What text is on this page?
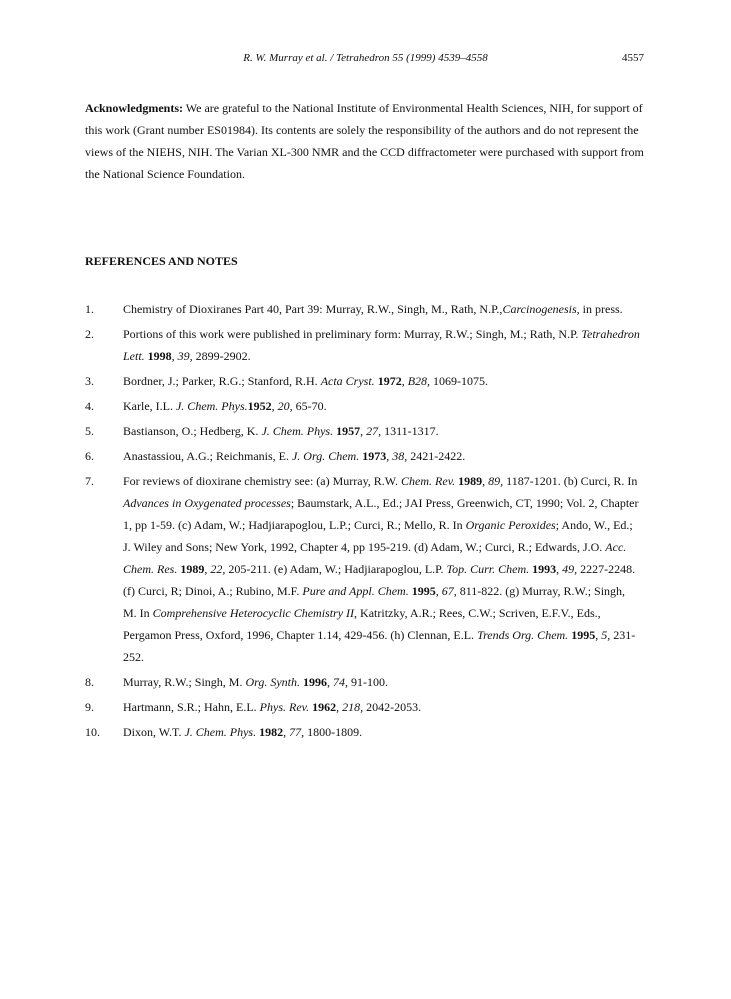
R. W. Murray et al. / Tetrahedron 55 (1999) 4539–4558	4557

Acknowledgments: We are grateful to the National Institute of Environmental Health Sciences, NIH, for support of this work (Grant number ES01984). Its contents are solely the responsibility of the authors and do not represent the views of the NIEHS, NIH. The Varian XL-300 NMR and the CCD diffractometer were purchased with support from the National Science Foundation.

REFERENCES AND NOTES
1.	Chemistry of Dioxiranes Part 40, Part 39: Murray, R.W., Singh, M., Rath, N.P.,Carcinogenesis, in press.
2.	Portions of this work were published in preliminary form: Murray, R.W.; Singh, M.; Rath, N.P. Tetrahedron Lett. 1998, 39, 2899-2902.
3.	Bordner, J.; Parker, R.G.; Stanford, R.H. Acta Cryst. 1972, B28, 1069-1075.
4.	Karle, I.L. J. Chem. Phys.1952, 20, 65-70.
5.	Bastianson, O.; Hedberg, K. J. Chem. Phys. 1957, 27, 1311-1317.
6.	Anastassiou, A.G.; Reichmanis, E. J. Org. Chem. 1973, 38, 2421-2422.
7.	For reviews of dioxirane chemistry see: (a) Murray, R.W. Chem. Rev. 1989, 89, 1187-1201. (b) Curci, R. In Advances in Oxygenated processes; Baumstark, A.L., Ed.; JAI Press, Greenwich, CT, 1990; Vol. 2, Chapter 1, pp 1-59. (c) Adam, W.; Hadjiarapoglou, L.P.; Curci, R.; Mello, R. In Organic Peroxides; Ando, W., Ed.; J. Wiley and Sons; New York, 1992, Chapter 4, pp 195-219. (d) Adam, W.; Curci, R.; Edwards, J.O. Acc. Chem. Res. 1989, 22, 205-211. (e) Adam, W.; Hadjiarapoglou, L.P. Top. Curr. Chem. 1993, 49, 2227-2248. (f) Curci, R; Dinoi, A.; Rubino, M.F. Pure and Appl. Chem. 1995, 67, 811-822. (g) Murray, R.W.; Singh, M. In Comprehensive Heterocyclic Chemistry II, Katritzky, A.R.; Rees, C.W.; Scriven, E.F.V., Eds., Pergamon Press, Oxford, 1996, Chapter 1.14, 429-456. (h) Clennan, E.L. Trends Org. Chem. 1995, 5, 231-252.
8.	Murray, R.W.; Singh, M. Org. Synth. 1996, 74, 91-100.
9.	Hartmann, S.R.; Hahn, E.L. Phys. Rev. 1962, 218, 2042-2053.
10.	Dixon, W.T. J. Chem. Phys. 1982, 77, 1800-1809.
